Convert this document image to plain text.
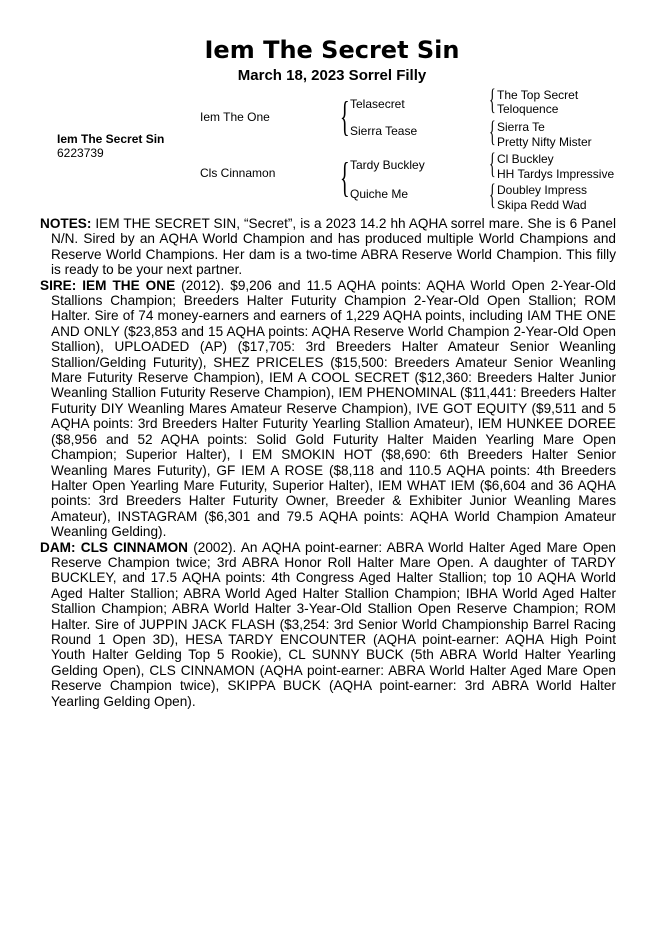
Iem The Secret Sin
March 18, 2023 Sorrel Filly
Iem The Secret Sin
6223739
Iem The One
Cls Cinnamon
{ Telasecret
Sierra Tease
{ Tardy Buckley
Quiche Me
{ The Top Secret
Teloquence
{ Sierra Te
Pretty Nifty Mister
{ Cl Buckley
HH Tardys Impressive
{ Doubley Impress
Skipa Redd Wad

NOTES: IEM THE SECRET SIN, “Secret”, is a 2023 14.2 hh AQHA sorrel mare. She is 6 Panel N/N. Sired by an AQHA World Champion and has produced multiple World Champions and Reserve World Champions. Her dam is a two-time ABRA Reserve World Champion. This filly is ready to be your next partner.

SIRE: IEM THE ONE (2012). $9,206 and 11.5 AQHA points: AQHA World Open 2-Year-Old Stallions Champion; Breeders Halter Futurity Champion 2-Year-Old Open Stallion; ROM Halter. Sire of 74 money-earners and earners of 1,229 AQHA points, including IAM THE ONE AND ONLY ($23,853 and 15 AQHA points: AQHA Reserve World Champion 2-Year-Old Open Stallion), UPLOADED (AP) ($17,705: 3rd Breeders Halter Amateur Senior Weanling Stallion/Gelding Futurity), SHEZ PRICELES ($15,500: Breeders Amateur Senior Weanling Mare Futurity Reserve Champion), IEM A COOL SECRET ($12,360: Breeders Halter Junior Weanling Stallion Futurity Reserve Champion), IEM PHENOMINAL ($11,441: Breeders Halter Futurity DIY Weanling Mares Amateur Reserve Champion), IVE GOT EQUITY ($9,511 and 5 AQHA points: 3rd Breeders Halter Futurity Yearling Stallion Amateur), IEM HUNKEE DOREE ($8,956 and 52 AQHA points: Solid Gold Futurity Halter Maiden Yearling Mare Open Champion; Superior Halter), I EM SMOKIN HOT ($8,690: 6th Breeders Halter Senior Weanling Mares Futurity), GF IEM A ROSE ($8,118 and 110.5 AQHA points: 4th Breeders Halter Open Yearling Mare Futurity, Superior Halter), IEM WHAT IEM ($6,604 and 36 AQHA points: 3rd Breeders Halter Futurity Owner, Breeder & Exhibiter Junior Weanling Mares Amateur), INSTAGRAM ($6,301 and 79.5 AQHA points: AQHA World Champion Amateur Weanling Gelding).

DAM: CLS CINNAMON (2002). An AQHA point-earner: ABRA World Halter Aged Mare Open Reserve Champion twice; 3rd ABRA Honor Roll Halter Mare Open. A daughter of TARDY BUCKLEY, and 17.5 AQHA points: 4th Congress Aged Halter Stallion; top 10 AQHA World Aged Halter Stallion; ABRA World Aged Halter Stallion Champion; IBHA World Aged Halter Stallion Champion; ABRA World Halter 3-Year-Old Stallion Open Reserve Champion; ROM Halter. Sire of JUPPIN JACK FLASH ($3,254: 3rd Senior World Championship Barrel Racing Round 1 Open 3D), HESA TARDY ENCOUNTER (AQHA point-earner: AQHA High Point Youth Halter Gelding Top 5 Rookie), CL SUNNY BUCK (5th ABRA World Halter Yearling Gelding Open), CLS CINNAMON (AQHA point-earner: ABRA World Halter Aged Mare Open Reserve Champion twice), SKIPPA BUCK (AQHA point-earner: 3rd ABRA World Halter Yearling Gelding Open).
